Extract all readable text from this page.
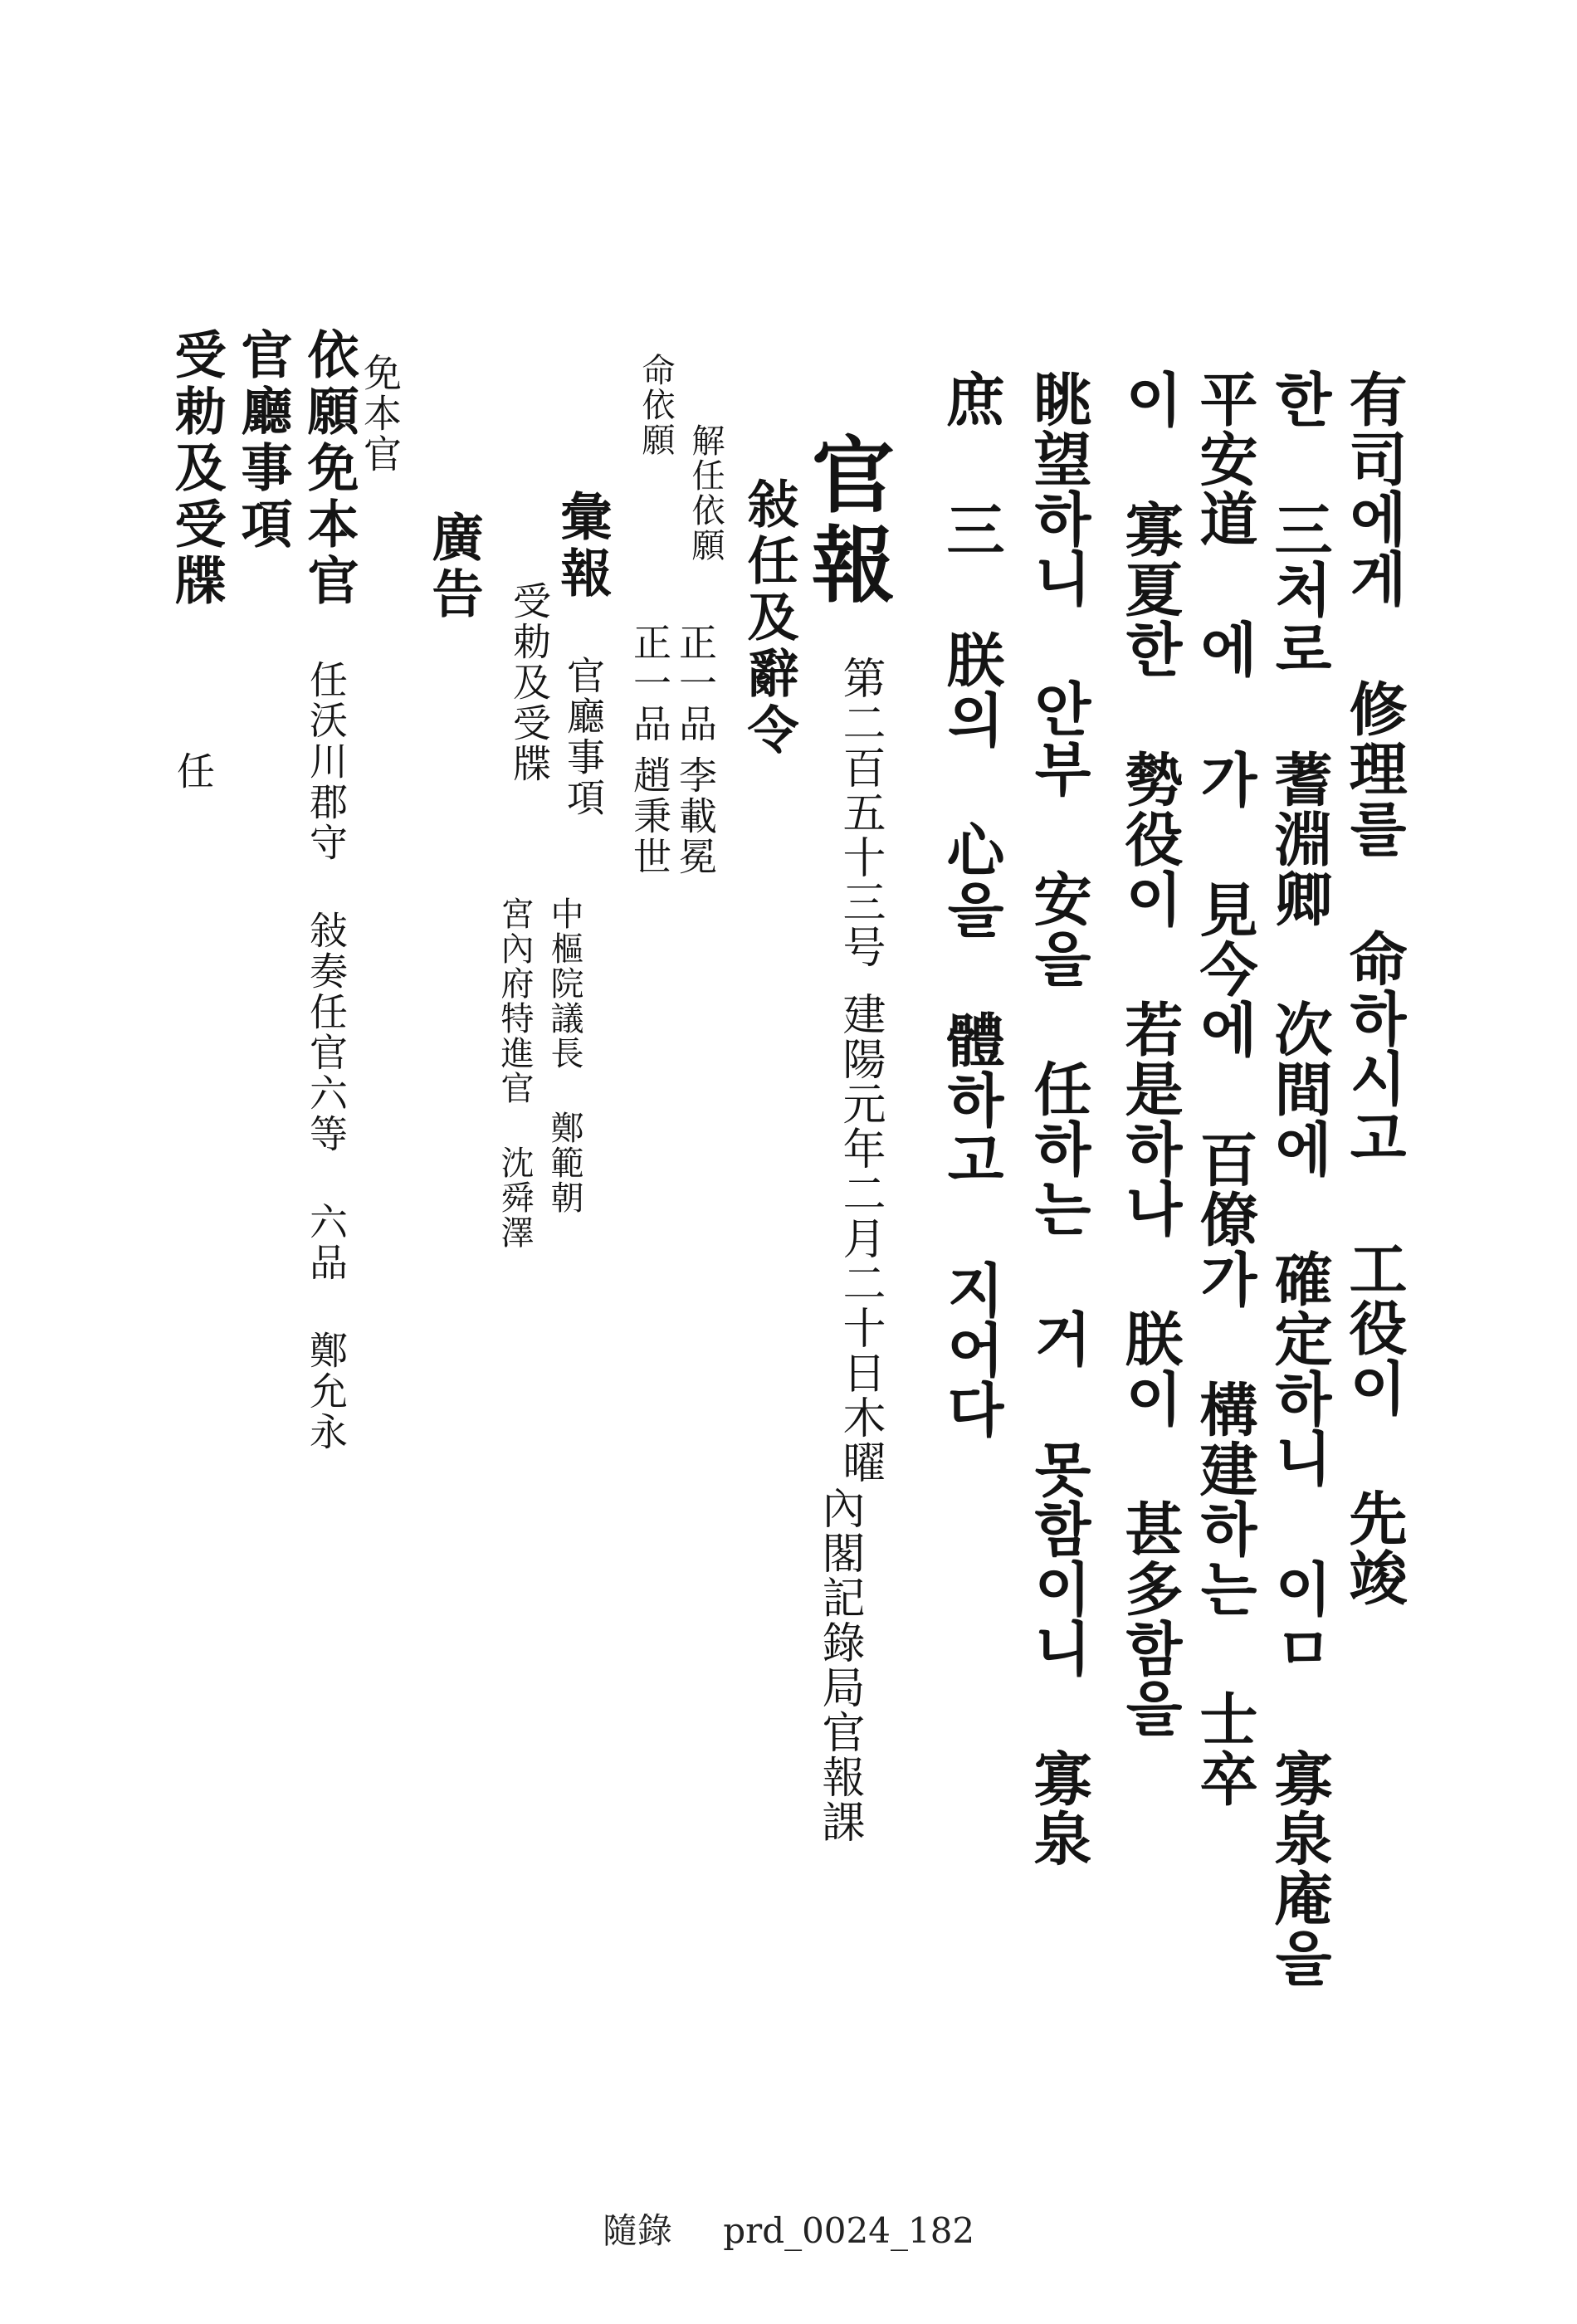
有司에게 修理를 命하시고 工役이 先竣
한 三처로 蓍淵卿 次間에 確定하니 이ㅁ 寡泉庵을
平安道 에 가 見今에 百僚가 構建하는 士卒
이 寡夏한 勢役이 若是하나 朕이 甚多함을
眺望하니 안부 安을 任하는 거 못함이니 寡泉
庶 三 朕의 心을 體하고 지어다
官報
第二百五十三号
建陽元年二月二十日木曜
內閣記錄局官報課
敍任及辭令
解任依願
正一品
李載冕
命依願
正一品
趙秉世
彙報
官廳事項
受勅及受牒
中樞院議長 鄭範朝
宮內府特進官 沈舜澤
廣告
免本官
依願免本官
官廳事項
受勅及受牒
任 任沃川郡守 敍奏任官六等 六品 鄭允永
隨錄 prd_0024_182
